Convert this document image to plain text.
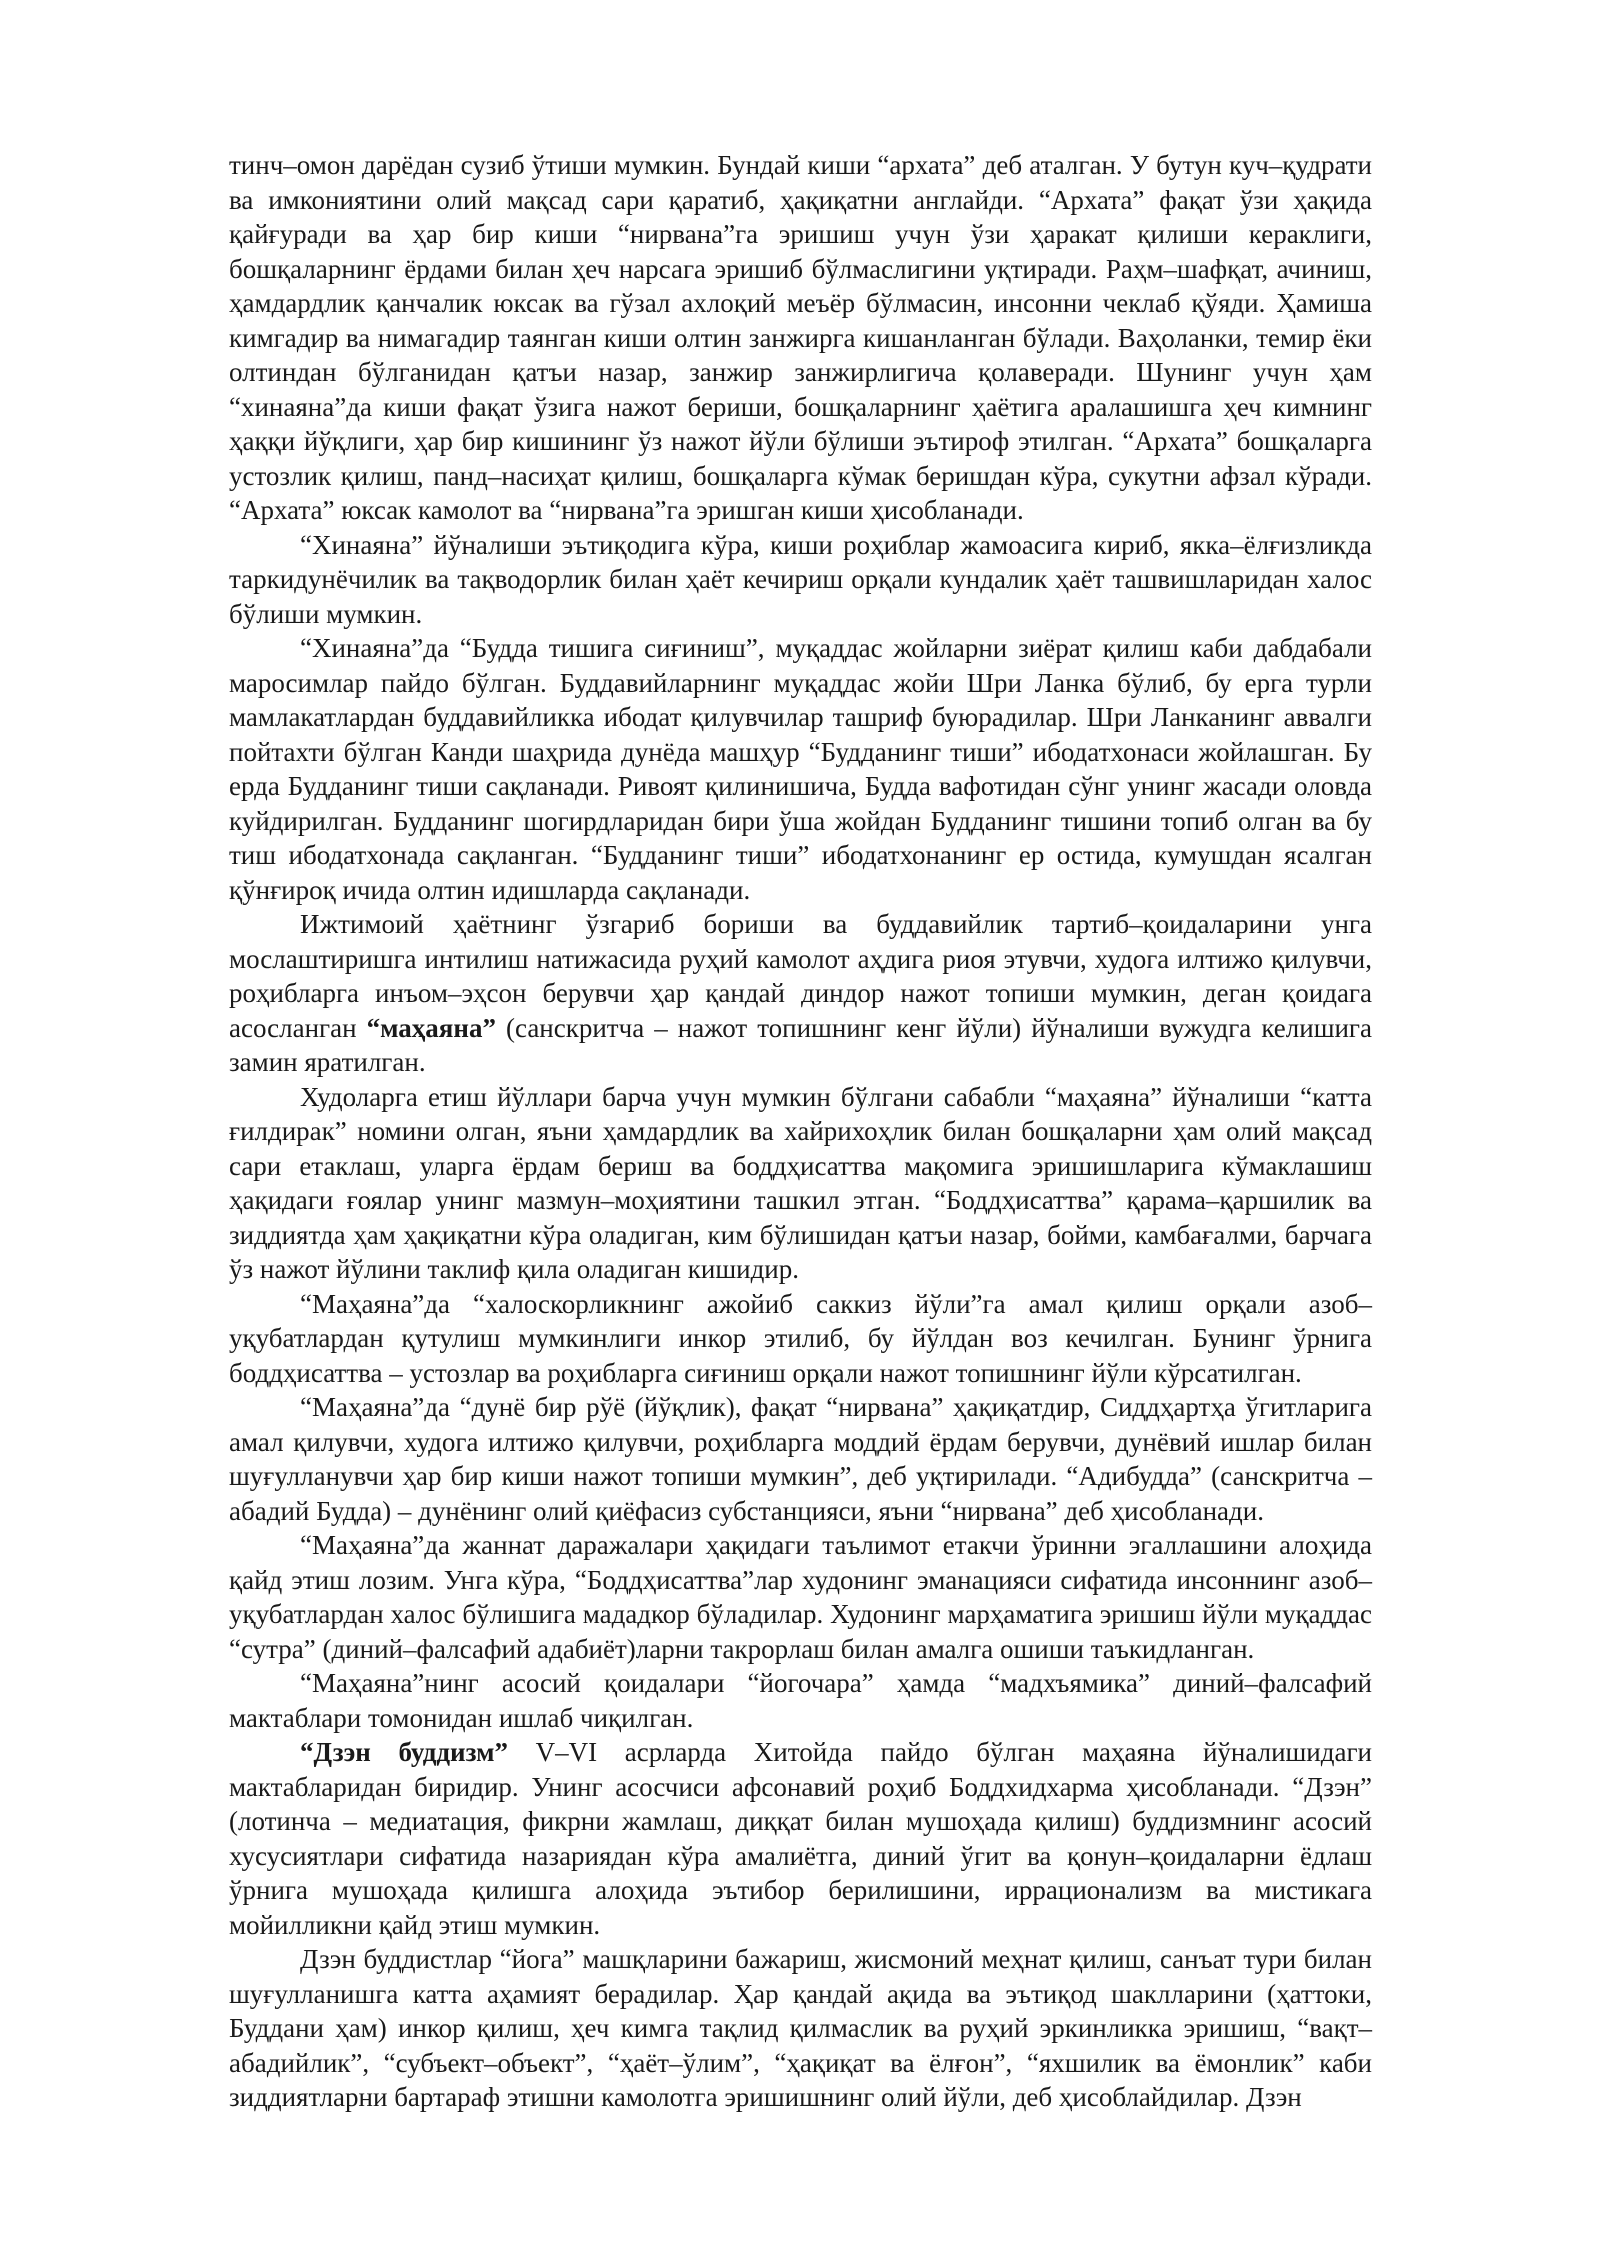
тинч–омон дарёдан сузиб ўтиши мумкин. Бундай киши “архата” деб аталган. У бутун куч–қудрати ва имкониятини олий мақсад сари қаратиб, ҳақиқатни англайди. “Архата” фақат ўзи ҳақида қайғуради ва ҳар бир киши “нирвана”га эришиш учун ўзи ҳаракат қилиши кераклиги, бошқаларнинг ёрдами билан ҳеч нарсага эришиб бўлмаслигини уқтиради. Раҳм–шафқат, ачиниш, ҳамдардлик қанчалик юксак ва гўзал ахлоқий меъёр бўлмасин, инсонни чеклаб қўяди. Ҳамиша кимгадир ва нимагадир таянган киши олтин занжирга кишанланган бўлади. Ваҳоланки, темир ёки олтиндан бўлганидан қатъи назар, занжир занжирлигича қолаверади. Шунинг учун ҳам “хинаяна”да киши фақат ўзига нажот бериши, бошқаларнинг ҳаётига аралашишга ҳеч кимнинг ҳаққи йўқлиги, ҳар бир кишининг ўз нажот йўли бўлиши эътироф этилган. “Архата” бошқаларга устозлик қилиш, панд–насиҳат қилиш, бошқаларга кўмак беришдан кўра, сукутни афзал кўради. “Архата” юксак камолот ва “нирвана”га эришган киши ҳисобланади.

“Хинаяна” йўналиши эътиқодига кўра, киши роҳиблар жамоасига кириб, якка–ёлғизликда таркидунёчилик ва тақводорлик билан ҳаёт кечириш орқали кундалик ҳаёт ташвишларидан халос бўлиши мумкин.

“Хинаяна”да “Будда тишига сиғиниш”, муқаддас жойларни зиёрат қилиш каби дабдабали маросимлар пайдо бўлган. Буддавийларнинг муқаддас жойи Шри Ланка бўлиб, бу ерга турли мамлакатлардан буддавийликка ибодат қилувчилар ташриф буюрадилар. Шри Ланканинг аввалги пойтахти бўлган Канди шаҳрида дунёда машҳур “Будданинг тиши” ибодатхонаси жойлашган. Бу ерда Будданинг тиши сақланади. Ривоят қилинишича, Будда вафотидан сўнг унинг жасади оловда куйдирилган. Будданинг шогирдларидан бири ўша жойдан Будданинг тишини топиб олган ва бу тиш ибодатхонада сақланган. “Будданинг тиши” ибодатхонанинг ер остида, кумушдан ясалган қўнғироқ ичида олтин идишларда сақланади.

Ижтимоий ҳаётнинг ўзгариб бориши ва буддавийлик тартиб–қоидаларини унга мослаштиришга интилиш натижасида руҳий камолот аҳдига риоя этувчи, худога илтижо қилувчи, роҳибларга инъом–эҳсон берувчи ҳар қандай диндор нажот топиши мумкин, деган қоидага асосланган “маҳаяна” (санскритча – нажот топишнинг кенг йўли) йўналиши вужудга келишига замин яратилган.

Худоларга етиш йўллари барча учун мумкин бўлгани сабабли “маҳаяна” йўналиши “катта ғилдирак” номини олган, яъни ҳамдардлик ва хайрихоҳлик билан бошқаларни ҳам олий мақсад сари етаклаш, уларга ёрдам бериш ва боддҳисаттва мақомига эришишларига кўмаклашиш ҳақидаги ғоялар унинг мазмун–моҳиятини ташкил этган. “Боддҳисаттва” қарама–қаршилик ва зиддиятда ҳам ҳақиқатни кўра оладиган, ким бўлишидан қатъи назар, бойми, камбағалми, барчага ўз нажот йўлини таклиф қила оладиган кишидир.

“Маҳаяна”да “халоскорликнинг ажойиб саккиз йўли”га амал қилиш орқали азоб–уқубатлардан қутулиш мумкинлиги инкор этилиб, бу йўлдан воз кечилган. Бунинг ўрнига боддҳисаттва – устозлар ва роҳибларга сиғиниш орқали нажот топишнинг йўли кўрсатилган.

“Маҳаяна”да “дунё бир рўё (йўқлик), фақат “нирвана” ҳақиқатдир, Сиддҳартҳа ўгитларига амал қилувчи, худога илтижо қилувчи, роҳибларга моддий ёрдам берувчи, дунёвий ишлар билан шуғулланувчи ҳар бир киши нажот топиши мумкин”, деб уқтирилади. “Адибудда” (санскритча – абадий Будда) – дунёнинг олий қиёфасиз субстанцияси, яъни “нирвана” деб ҳисобланади.

“Маҳаяна”да жаннат даражалари ҳақидаги таълимот етакчи ўринни эгаллашини алоҳида қайд этиш лозим. Унга кўра, “Боддҳисаттва”лар худонинг эманацияси сифатида инсоннинг азоб–уқубатлардан халос бўлишига мададкор бўладилар. Худонинг марҳаматига эришиш йўли муқаддас “сутра” (диний–фалсафий адабиёт)ларни такрорлаш билан амалга ошиши таъкидланган.

“Маҳаяна”нинг асосий қоидалари “йогочара” ҳамда “мадхъямика” диний–фалсафий мактаблари томонидан ишлаб чиқилган.

“Дзэн буддизм” V–VI асрларда Хитойда пайдо бўлган маҳаяна йўналишидаги мактабларидан биридир. Унинг асосчиси афсонавий роҳиб Боддхидхарма ҳисобланади. “Дзэн” (лотинча – медиатация, фикрни жамлаш, диққат билан мушоҳада қилиш) буддизмнинг асосий хусусиятлари сифатида назариядан кўра амалиётга, диний ўгит ва қонун–қоидаларни ёдлаш ўрнига мушоҳада қилишга алоҳида эътибор берилишини, иррационализм ва мистикага мойилликни қайд этиш мумкин.

Дзэн буддистлар “йога” машқларини бажариш, жисмоний меҳнат қилиш, санъат тури билан шуғулланишга катта аҳамият берадилар. Ҳар қандай ақида ва эътиқод шаклларини (ҳаттоки, Буддани ҳам) инкор қилиш, ҳеч кимга тақлид қилмаслик ва руҳий эркинликка эришиш, “вақт–абадийлик”, “субъект–объект”, “ҳаёт–ўлим”, “ҳақиқат ва ёлғон”, “яхшилик ва ёмонлик” каби зиддиятларни бартараф этишни камолотга эришишнинг олий йўли, деб ҳисоблайдилар. Дзэн
